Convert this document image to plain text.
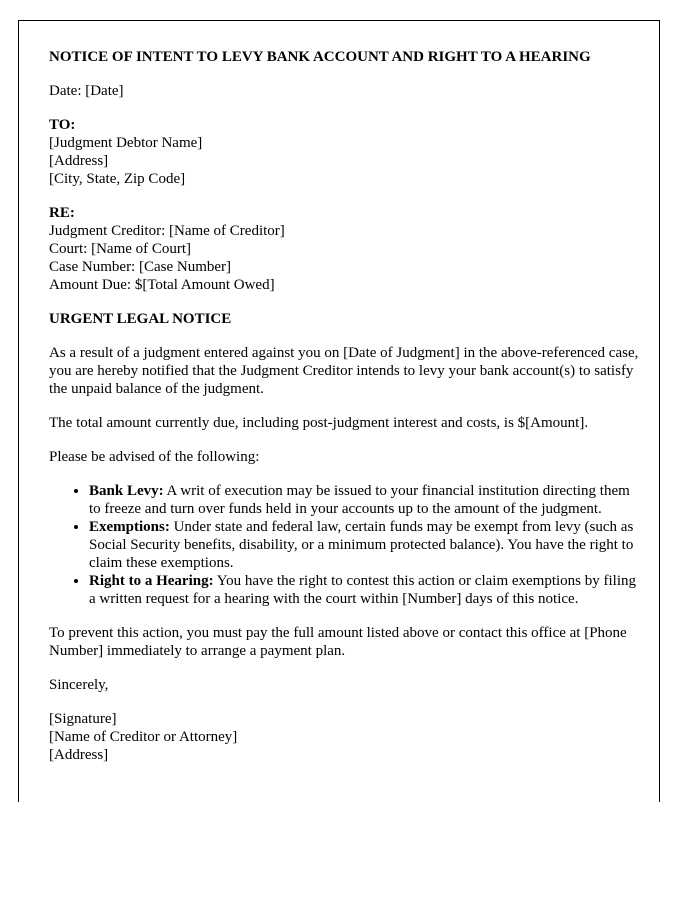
NOTICE OF INTENT TO LEVY BANK ACCOUNT AND RIGHT TO A HEARING

Date: [Date]

TO:
[Judgment Debtor Name]
[Address]
[City, State, Zip Code]
RE:
Judgment Creditor: [Name of Creditor]
Court: [Name of Court]
Case Number: [Case Number]
Amount Due: $[Total Amount Owed]
URGENT LEGAL NOTICE

As a result of a judgment entered against you on [Date of Judgment] in the above-referenced case, you are hereby notified that the Judgment Creditor intends to levy your bank account(s) to satisfy the unpaid balance of the judgment.

The total amount currently due, including post-judgment interest and costs, is $[Amount].

Please be advised of the following:

• Bank Levy: A writ of execution may be issued to your financial institution directing them to freeze and turn over funds held in your accounts up to the amount of the judgment.
• Exemptions: Under state and federal law, certain funds may be exempt from levy (such as Social Security benefits, disability, or a minimum protected balance). You have the right to claim these exemptions.
• Right to a Hearing: You have the right to contest this action or claim exemptions by filing a written request for a hearing with the court within [Number] days of this notice.

To prevent this action, you must pay the full amount listed above or contact this office at [Phone Number] immediately to arrange a payment plan.

Sincerely,

[Signature]
[Name of Creditor or Attorney]
[Address]
